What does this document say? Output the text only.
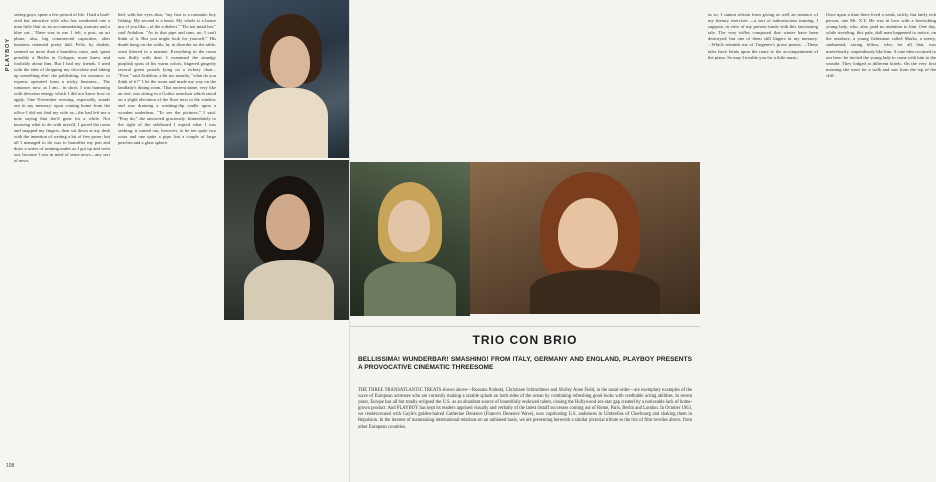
PLAYBOY

seeing guys, spent a few period of life. I had a hard-ered but attractive wife who has weathered one a man little flair as an accommodating tomcatz and a blue cat... There was to me. I felt, a post, an art phase, also, big commercial capacities, after business renamed pretty dull. Feliz, by double, seemed no more than a harmless curio, and, spent possibly a Berlin in Cologne, more knew and foolishly about him. But I had my friends. I tried with the idea of dropping my chocolate and taking up something else: the publishing, for instance, or express operated from a tricky business... The romance, now, as I am... in short, I was humming with devotion energy which I did not know how to apply. One November evening, especially, stands out in my memory: upon coming home from the office I did not find my wife as—the had left me a note saying that she'd gone for a while. Not knowing what to do with myself, I paced the room and snapped my fingers, then sat down at my desk with the intention of writing a bit of free prose; but all I managed to do was to brainfiler my pen and draw a series of running nudes as I got up and went out, because I was in need of some news—any sort of news.

bed, with her eyes shut, "my first is a romantic boy fishing. My second is a beast. My whole is a house nor, if you like—of the a dialect." "Do not mind her," said Ardalion. "As to that pipe and tuns, no, I can't think of it. But you might look for yourself." His dumb hung on the walls, by in disorder on the table, went littered in a manner. Everything in the room was fluffy with dust. I examined the smudgy purplish spots of his warm colors, fingered gingerly several green pastels lying on a rickety chair... "First," said Ardalion, a bit too smartly, "what do you think of it?" I let the room and made my way on the landlady's dining room. That ancient dame, very like an owl, was sitting in a Gothic armchair which stood on a slight elevation of the floor next to the window and was draining a washing-dip cradle upon a wooden underbear. "To see the pictures," I said. "Pray do," she answered graciously. Immediately to the right of the sideboard I espied what I was seeking; it turned out, however, to be ten quite two roses and one quite a pipe, but a couple of large peaches and a glass sphere.

108

as so, I cannot refrain from giving as well an instance of my literary exercises —a sort of subconscious training, I suppose, in view of my present tussle with this fascinating tale. The very trifles composed that winter have been destroyed; but one of them still lingers in my memory. ...Which reminds me of Turgenev's prose poems. ...These tales have feints upon the route to the accompaniment of the piano. So may I trouble you for a little music.

Once upon a time there lived a weak, sickly, but fairly rich person, one Mr. X.Y. He was in love with a bewitching young lady, who, alas, paid no attention to him. One day, while traveling, this pale, dull man happened to notice, on the seashore, a young fisherman called Marks, a merry, sunburned, strong fellow, who, for all that, was marvelously, stupendously like him. A cute idea occurred to our hero: he invited the young lady to come with him to the seaside. They lodged at different hotels. On the very first morning she went for a walk and saw from the top of the cliff.

TRIO CON BRIO
BELLISSIMA! WUNDERBAR! SMASHING! FROM ITALY, GERMANY AND ENGLAND, PLAYBOY PRESENTS A PROVOCATIVE CINEMATIC THREESOME
THE THREE TRANSATLANTIC TREATS shown above—Rossana Podestà, Christiane Schmidtmer and Shirley Anne Field, in the usual order—are exemplary examples of the wave of European actresses who are currently making a sizable splash on both sides of the ocean by combining refreshing good looks with creditable acting abilities. In recent years, Europe has all but totally eclipsed the U.S. as an abundant source of bountifully endowed talent, closing the Hollywood sex-star gap created by a noticeable lack of home-grown product. And PLAYBOY has kept its readers apprised visually and verbally of the latest distaff successes coming out of Rome, Paris, Berlin and London. In October 1963, we rendezvoused with Gayle's golden-haired Catherine Deneuve (France's Deneuve Wave), now captivating U.S. audiences in Umbrellas of Cherbourg and shaking them in Repulsion. In the interest of maintaining international relations on an unbiased basis, we are presenting herewith a similar pictorial tribute to the trio of film lovelies above, from other European countries.
